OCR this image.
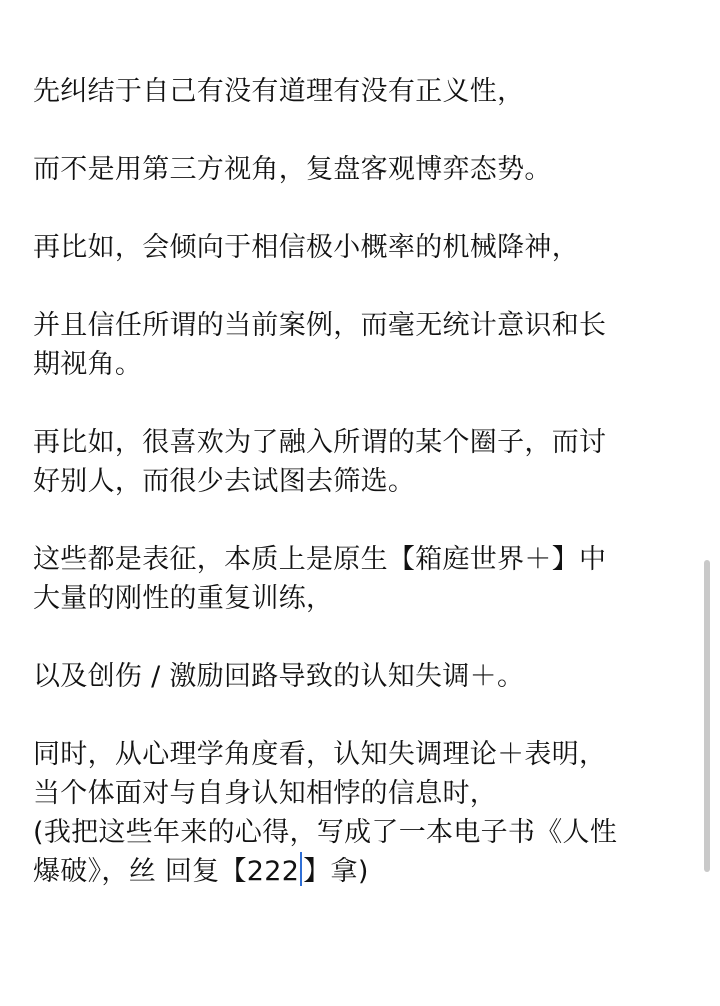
先纠结于自己有没有道理有没有正义性，
而不是用第三方视角，复盘客观博弈态势。
再比如，会倾向于相信极小概率的机械降神，
并且信任所谓的当前案例，而毫无统计意识和长
期视角。
再比如，很喜欢为了融入所谓的某个圈子，而讨
好别人，而很少去试图去筛选。
这些都是表征，本质上是原生【箱庭世界＋】中
大量的刚性的重复训练，
以及创伤 / 激励回路导致的认知失调＋。
同时，从心理学角度看，认知失调理论＋表明，
当个体面对与自身认知相悖的信息时，
(我把这些年来的心得，写成了一本电子书《人性
爆破》，丝 回复【222 】拿)
